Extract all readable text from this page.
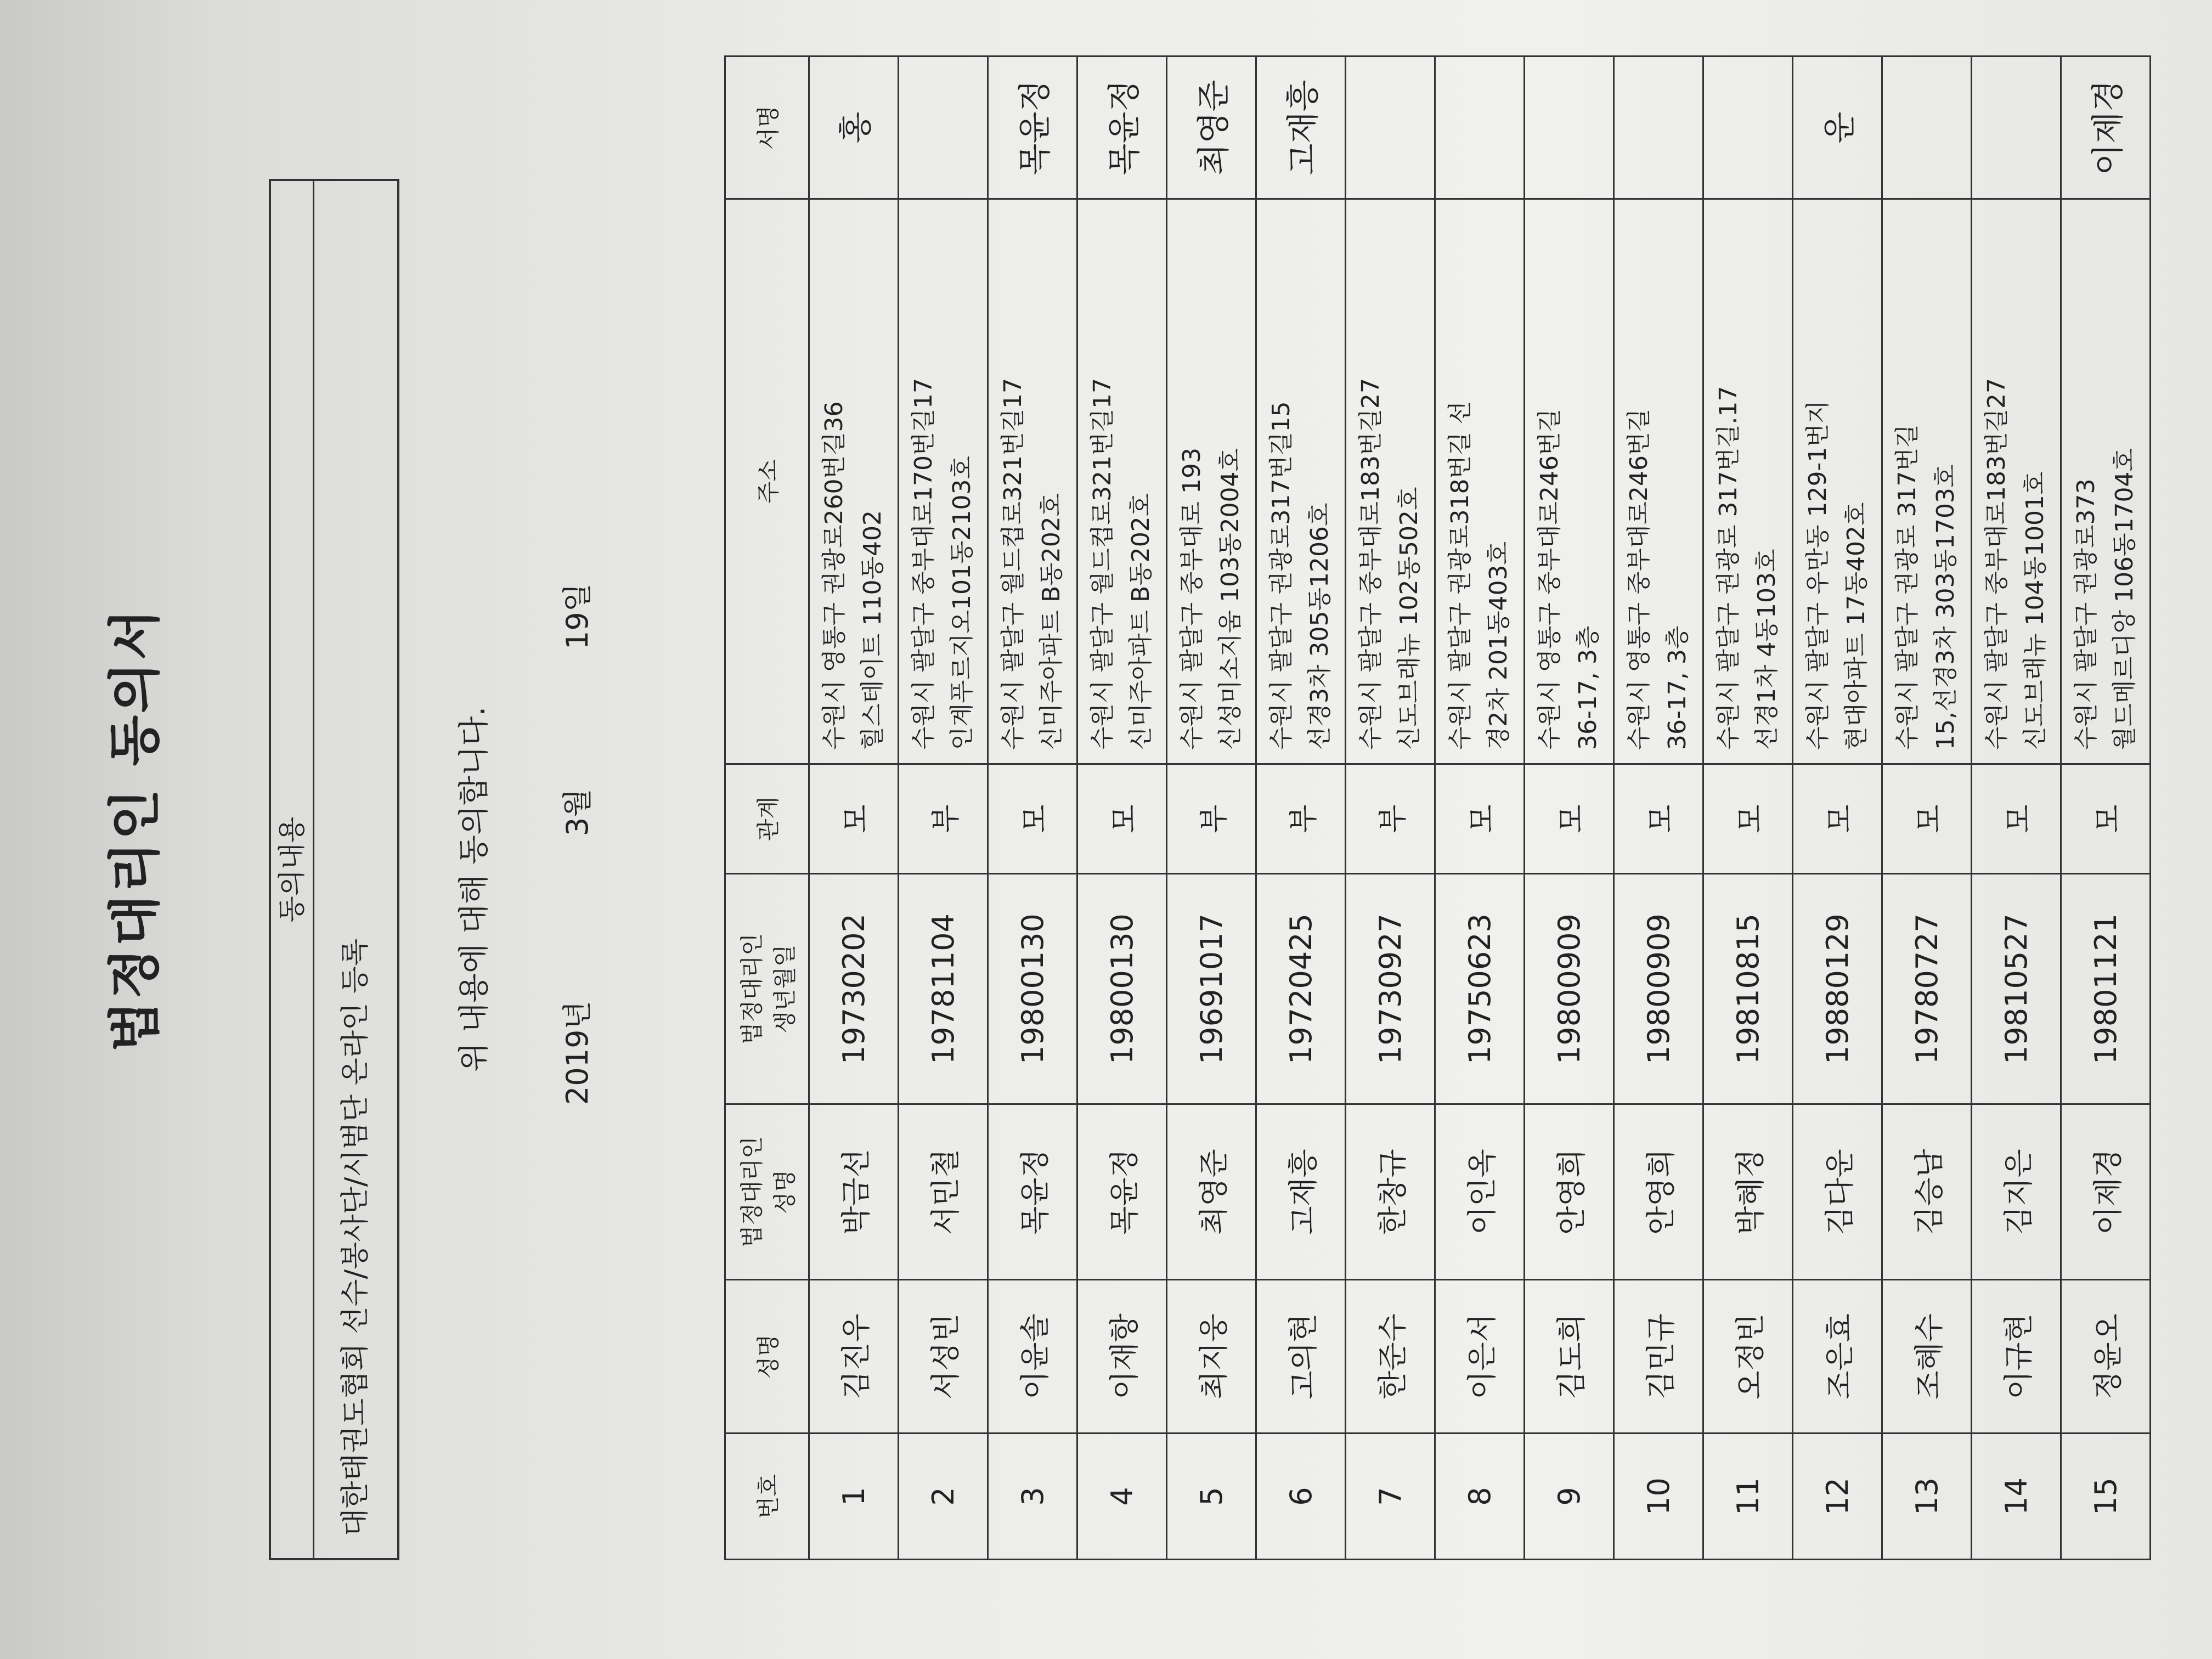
법정대리인 동의서	동의내용
대한태권도협회 선수/봉사단/시범단 온라인 등록
위 내용에 대해 동의합니다. 2019년
3월
19일
번호	성명	법정대리인 성명	법정대리인 생년월일	관계	주소	서명
1	김진우	박금선	19730202	모	수원시 영통구 권광로260번길36 힐스테이트 110동402	홍
2	서성빈	서민철	19781104	부	수원시 팔달구 중부대로170번길17 인계푸르지오101동2103호	

3	이윤솔	목윤정	19800130	모	수원시 팔달구 월드컵로321번길17 신미주아파트 B동202호	목윤정
4	이재항	목윤정	19800130	모	수원시 팔달구 월드컵로321번길17 신미주아파트 B동202호	목윤정
5	최지웅	최영준	19691017	부	수원시 팔달구 중부대로 193 신성미소지움 103동2004호	최영준
6	고의현	고재흥	19720425	부	수원시 팔달구 권광로317번길15 선경3차 305동1206호	고재흥
7	한준수	한창규	19730927	부	수원시 팔달구 중부대로183번길27 신도브래뉴 102동502호	

8	이은서	이인옥	19750623	모	수원시 팔달구 권광로318번길 선 경2차 201동403호	

9	김도희	안영희	19800909	모	수원시 영통구 중부대로246번길 36-17, 3층	

10	김민규	안영희	19800909	모	수원시 영통구 중부대로246번길 36-17, 3층	

11	오정빈	박혜정	19810815	모	수원시 팔달구 권광로 317번길.17 선경1차 4동103호	

12	조은효	김다운	19880129	모	수원시 팔달구 우만동 129-1번지 현대아파트 17동402호	운
13	조혜수	김승남	19780727	모	수원시 팔달구 권광로 317번길 15,선경3차 303동1703호	

14	이규현	김지은	19810527	모	수원시 팔달구 중부대로183번길27 신도브래뉴 104동1001호	

15	정윤오	이제경	19801121	모	수원시 팔달구 권광로373 월드메르디앙 106동1704호	이제경
